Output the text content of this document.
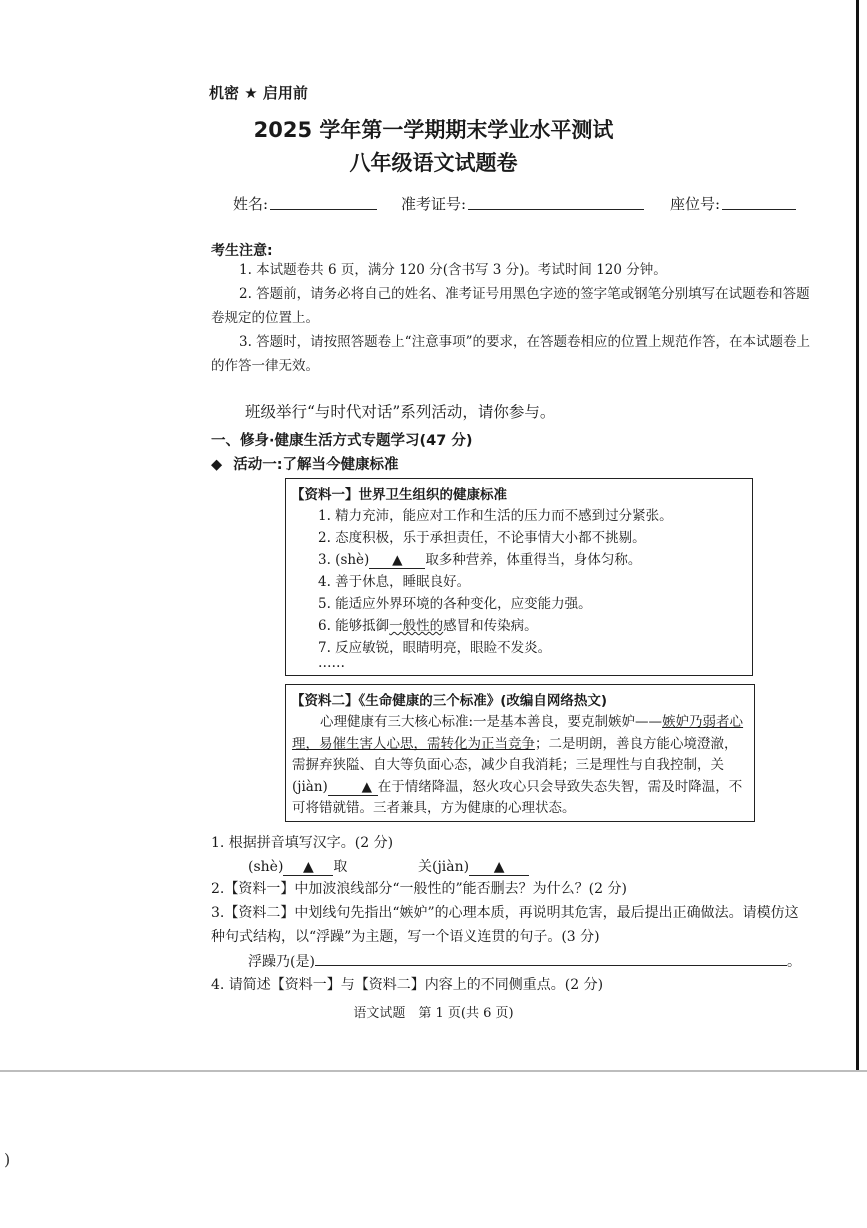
)
机密 ★ 启用前
2025 学年第一学期期末学业水平测试
八年级语文试题卷
姓名:	准考证号:	座位号:
考生注意:

1. 本试题卷共 6 页，满分 120 分(含书写 3 分)。考试时间 120 分钟。

2. 答题前，请务必将自己的姓名、准考证号用黑色字迹的签字笔或钢笔分别填写在试题卷和答题卷规定的位置上。

3. 答题时，请按照答题卷上“注意事项”的要求，在答题卷相应的位置上规范作答，在本试题卷上的作答一律无效。

班级举行“与时代对话”系列活动，请你参与。
一、修身·健康生活方式专题学习(47 分)
◆ 活动一:了解当今健康标准
【资料一】世界卫生组织的健康标准
1. 精力充沛，能应对工作和生活的压力而不感到过分紧张。
2. 态度积极，乐于承担责任，不论事情大小都不挑剔。
3. (shè) ▲ 取多种营养，体重得当，身体匀称。
4. 善于休息，睡眠良好。
5. 能适应外界环境的各种变化，应变能力强。
6. 能够抵御一般性的感冒和传染病。
7. 反应敏锐，眼睛明亮，眼睑不发炎。
……
【资料二】《生命健康的三个标准》(改编自网络热文)

心理健康有三大核心标准:一是基本善良，要克制嫉妒——嫉妒乃弱者心理，易催生害人心思，需转化为正当竞争；二是明朗，善良方能心境澄澈，需摒弃狭隘、自大等负面心态，减少自我消耗；三是理性与自我控制，关(jiàn)	▲ 在于情绪降温，怒火攻心只会导致失态失智，需及时降温，不可将错就错。三者兼具，方为健康的心理状态。

1. 根据拼音填写汉字。(2 分)
(shè) ▲ 取	关(jiàn) ▲
2.【资料一】中加波浪线部分“一般性的”能否删去？为什么？(2 分)
3.【资料二】中划线句先指出“嫉妒”的心理本质，再说明其危害，最后提出正确做法。请模仿这
种句式结构，以“浮躁”为主题，写一个语义连贯的句子。(3 分)
浮躁乃(是)	。
4. 请简述【资料一】与【资料二】内容上的不同侧重点。(2 分)
语文试题　第 1 页(共 6 页)
